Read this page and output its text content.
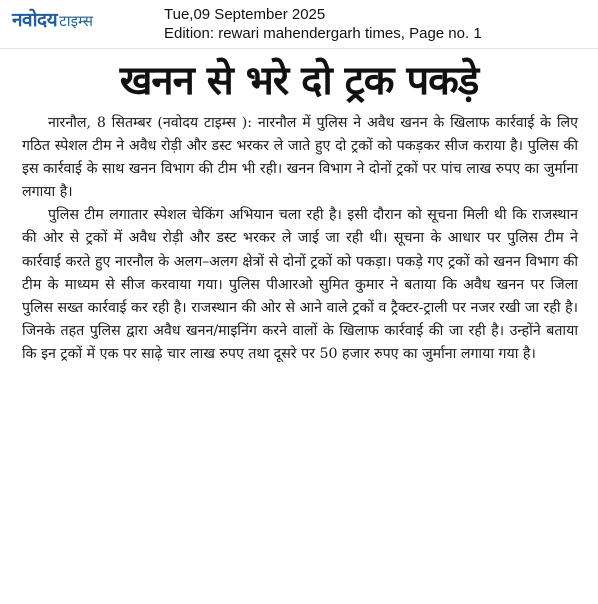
नवोदय टाइम्स	Tue,09 September 2025
Edition: rewari mahendergarh times, Page no. 1
खनन से भरे दो ट्रक पकड़े

नारनौल, 8 सितम्बर (नवोदय टाइम्स ): नारनौल में पुलिस ने अवैध खनन के खिलाफ कार्रवाई के लिए गठित स्पेशल टीम ने अवैध रोड़ी और डस्ट भरकर ले जाते हुए दो ट्रकों को पकड़कर सीज कराया है। पुलिस की इस कार्रवाई के साथ खनन विभाग की टीम भी रही। खनन विभाग ने दोनों ट्रकों पर पांच लाख रुपए का जुर्माना लगाया है।

पुलिस टीम लगातार स्पेशल चेकिंग अभियान चला रही है। इसी दौरान को सूचना मिली थी कि राजस्थान की ओर से ट्रकों में अवैध रोड़ी और डस्ट भरकर ले जाई जा रही थी। सूचना के आधार पर पुलिस टीम ने कार्रवाई करते हुए नारनौल के अलग–अलग क्षेत्रों से दोनों ट्रकों को पकड़ा। पकड़े गए ट्रकों को खनन विभाग की टीम के माध्यम से सीज करवाया गया। पुलिस पीआरओ सुमित कुमार ने बताया कि अवैध खनन पर जिला पुलिस सख्त कार्रवाई कर रही है। राजस्थान की ओर से आने वाले ट्रकों व ट्रैक्टर-ट्राली पर नजर रखी जा रही है। जिनके तहत पुलिस द्वारा अवैध खनन/माइनिंग करने वालों के खिलाफ कार्रवाई की जा रही है। उन्होंने बताया कि इन ट्रकों में एक पर साढ़े चार लाख रुपए तथा दूसरे पर 50 हजार रुपए का जुर्माना लगाया गया है।
